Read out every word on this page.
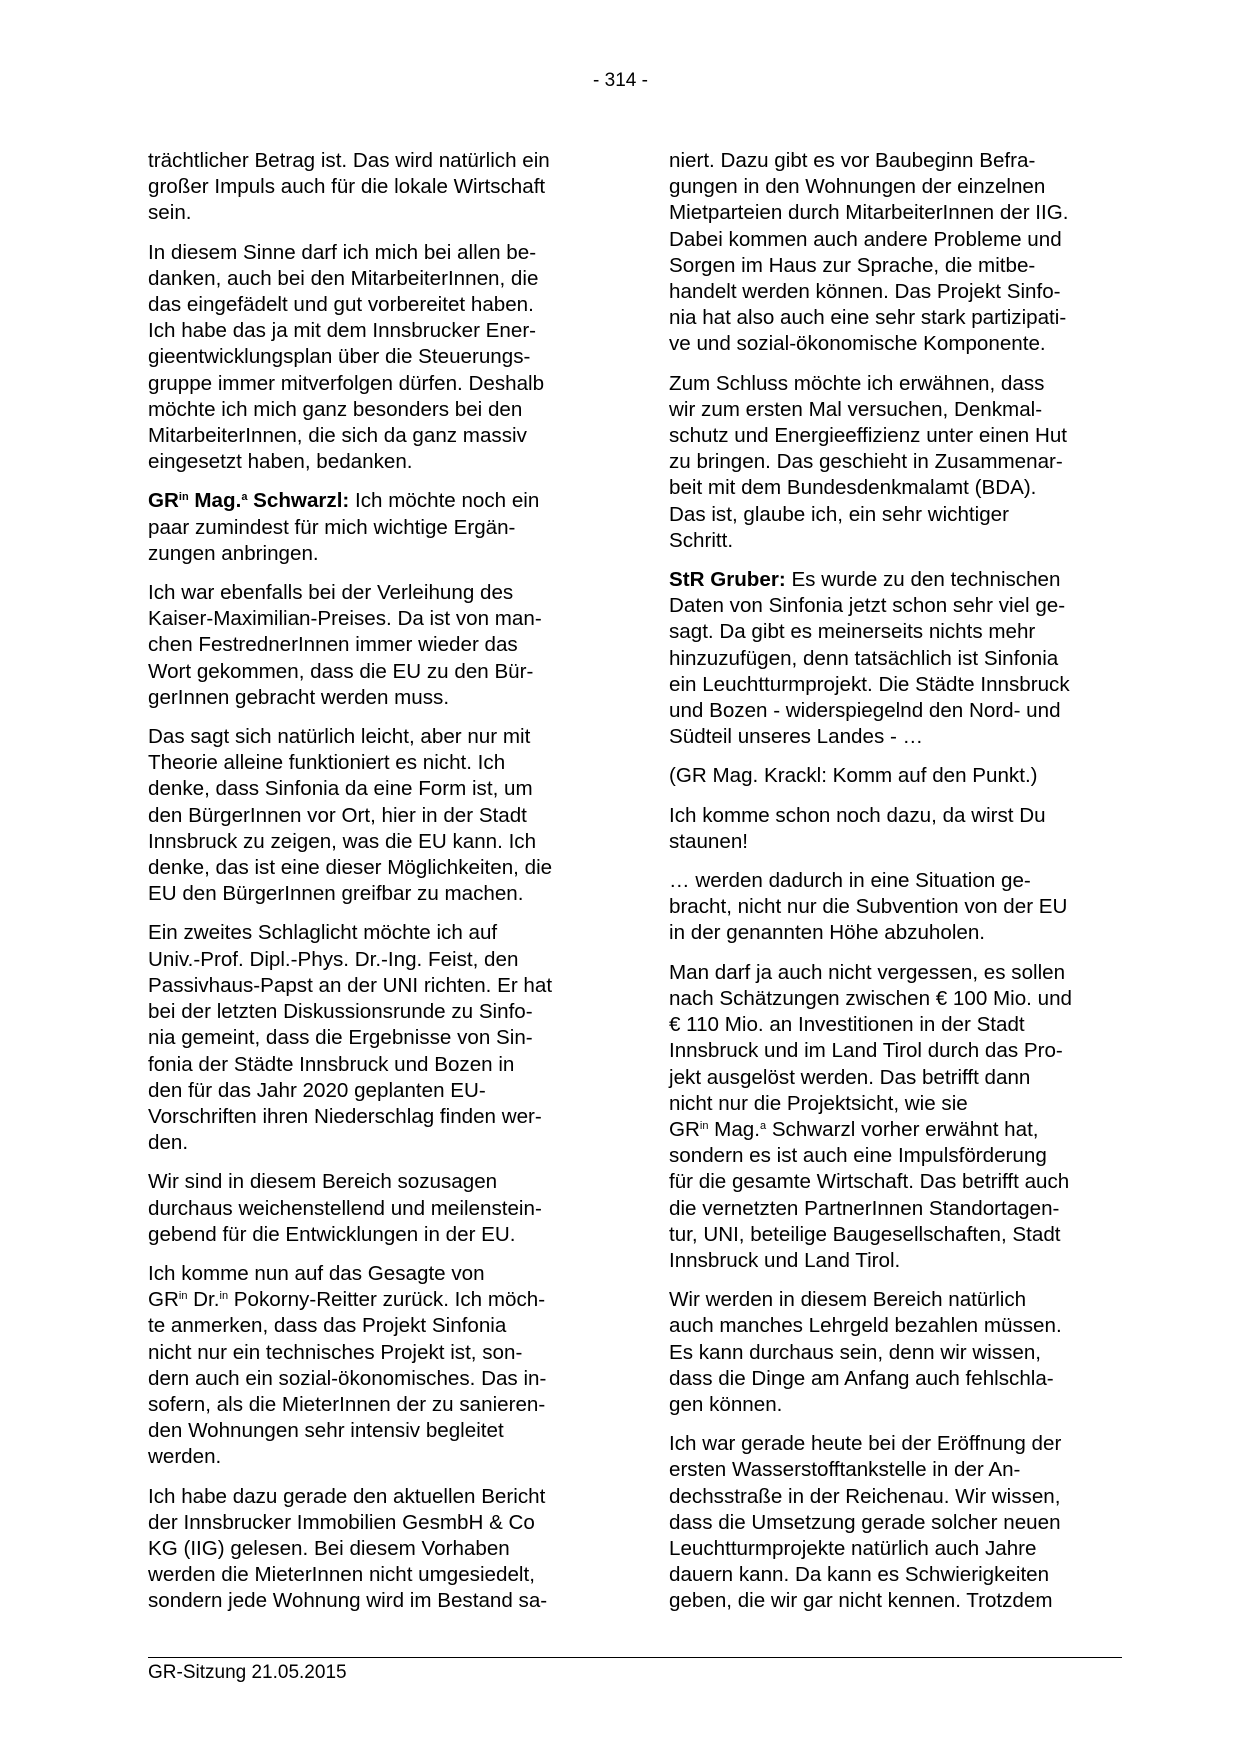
- 314 -

trächtlicher Betrag ist. Das wird natürlich ein
großer Impuls auch für die lokale Wirtschaft
sein.

In diesem Sinne darf ich mich bei allen be-
danken, auch bei den MitarbeiterInnen, die
das eingefädelt und gut vorbereitet haben.
Ich habe das ja mit dem Innsbrucker Ener-
gieentwicklungsplan über die Steuerungs-
gruppe immer mitverfolgen dürfen. Deshalb
möchte ich mich ganz besonders bei den
MitarbeiterInnen, die sich da ganz massiv
eingesetzt haben, bedanken.

$GR^{in}$ Mag.$^a$ Schwarzl: Ich möchte noch ein
paar zumindest für mich wichtige Ergän-
zungen anbringen.

Ich war ebenfalls bei der Verleihung des
Kaiser-Maximilian-Preises. Da ist von man-
chen FestrednerInnen immer wieder das
Wort gekommen, dass die EU zu den Bür-
gerInnen gebracht werden muss.

Das sagt sich natürlich leicht, aber nur mit
Theorie alleine funktioniert es nicht. Ich
denke, dass Sinfonia da eine Form ist, um
den BürgerInnen vor Ort, hier in der Stadt
Innsbruck zu zeigen, was die EU kann. Ich
denke, das ist eine dieser Möglichkeiten, die
EU den BürgerInnen greifbar zu machen.

Ein zweites Schlaglicht möchte ich auf
Univ.-Prof. Dipl.-Phys. Dr.-Ing. Feist, den
Passivhaus-Papst an der UNI richten. Er hat
bei der letzten Diskussionsrunde zu Sinfo-
nia gemeint, dass die Ergebnisse von Sin-
fonia der Städte Innsbruck und Bozen in
den für das Jahr 2020 geplanten EU-
Vorschriften ihren Niederschlag finden wer-
den.

Wir sind in diesem Bereich sozusagen
durchaus weichenstellend und meilenstein-
gebend für die Entwicklungen in der EU.

Ich komme nun auf das Gesagte von
$GR^{in}$ Dr.$^{in}$ Pokorny-Reitter zurück. Ich möch-
te anmerken, dass das Projekt Sinfonia
nicht nur ein technisches Projekt ist, son-
dern auch ein sozial-ökonomisches. Das in-
sofern, als die MieterInnen der zu sanieren-
den Wohnungen sehr intensiv begleitet
werden.

Ich habe dazu gerade den aktuellen Bericht
der Innsbrucker Immobilien GesmbH & Co
KG (IIG) gelesen. Bei diesem Vorhaben
werden die MieterInnen nicht umgesiedelt,
sondern jede Wohnung wird im Bestand sa-

niert. Dazu gibt es vor Baubeginn Befra-
gungen in den Wohnungen der einzelnen
Mietparteien durch MitarbeiterInnen der IIG.
Dabei kommen auch andere Probleme und
Sorgen im Haus zur Sprache, die mitbe-
handelt werden können. Das Projekt Sinfo-
nia hat also auch eine sehr stark partizipati-
ve und sozial-ökonomische Komponente.

Zum Schluss möchte ich erwähnen, dass
wir zum ersten Mal versuchen, Denkmal-
schutz und Energieeffizienz unter einen Hut
zu bringen. Das geschieht in Zusammenar-
beit mit dem Bundesdenkmalamt (BDA).
Das ist, glaube ich, ein sehr wichtiger
Schritt.

StR Gruber: Es wurde zu den technischen
Daten von Sinfonia jetzt schon sehr viel ge-
sagt. Da gibt es meinerseits nichts mehr
hinzuzufügen, denn tatsächlich ist Sinfonia
ein Leuchtturmprojekt. Die Städte Innsbruck
und Bozen - widerspiegelnd den Nord- und
Südteil unseres Landes - …

(GR Mag. Krackl: Komm auf den Punkt.)

Ich komme schon noch dazu, da wirst Du
staunen!

… werden dadurch in eine Situation ge-
bracht, nicht nur die Subvention von der EU
in der genannten Höhe abzuholen.

Man darf ja auch nicht vergessen, es sollen
nach Schätzungen zwischen € 100 Mio. und
€ 110 Mio. an Investitionen in der Stadt
Innsbruck und im Land Tirol durch das Pro-
jekt ausgelöst werden. Das betrifft dann
nicht nur die Projektsicht, wie sie
$GR^{in}$ Mag.$^a$ Schwarzl vorher erwähnt hat,
sondern es ist auch eine Impulsförderung
für die gesamte Wirtschaft. Das betrifft auch
die vernetzten PartnerInnen Standortagen-
tur, UNI, beteilige Baugesellschaften, Stadt
Innsbruck und Land Tirol.

Wir werden in diesem Bereich natürlich
auch manches Lehrgeld bezahlen müssen.
Es kann durchaus sein, denn wir wissen,
dass die Dinge am Anfang auch fehlschla-
gen können.

Ich war gerade heute bei der Eröffnung der
ersten Wasserstofftankstelle in der An-
dechsstraße in der Reichenau. Wir wissen,
dass die Umsetzung gerade solcher neuen
Leuchtturmprojekte natürlich auch Jahre
dauern kann. Da kann es Schwierigkeiten
geben, die wir gar nicht kennen. Trotzdem

GR-Sitzung 21.05.2015
